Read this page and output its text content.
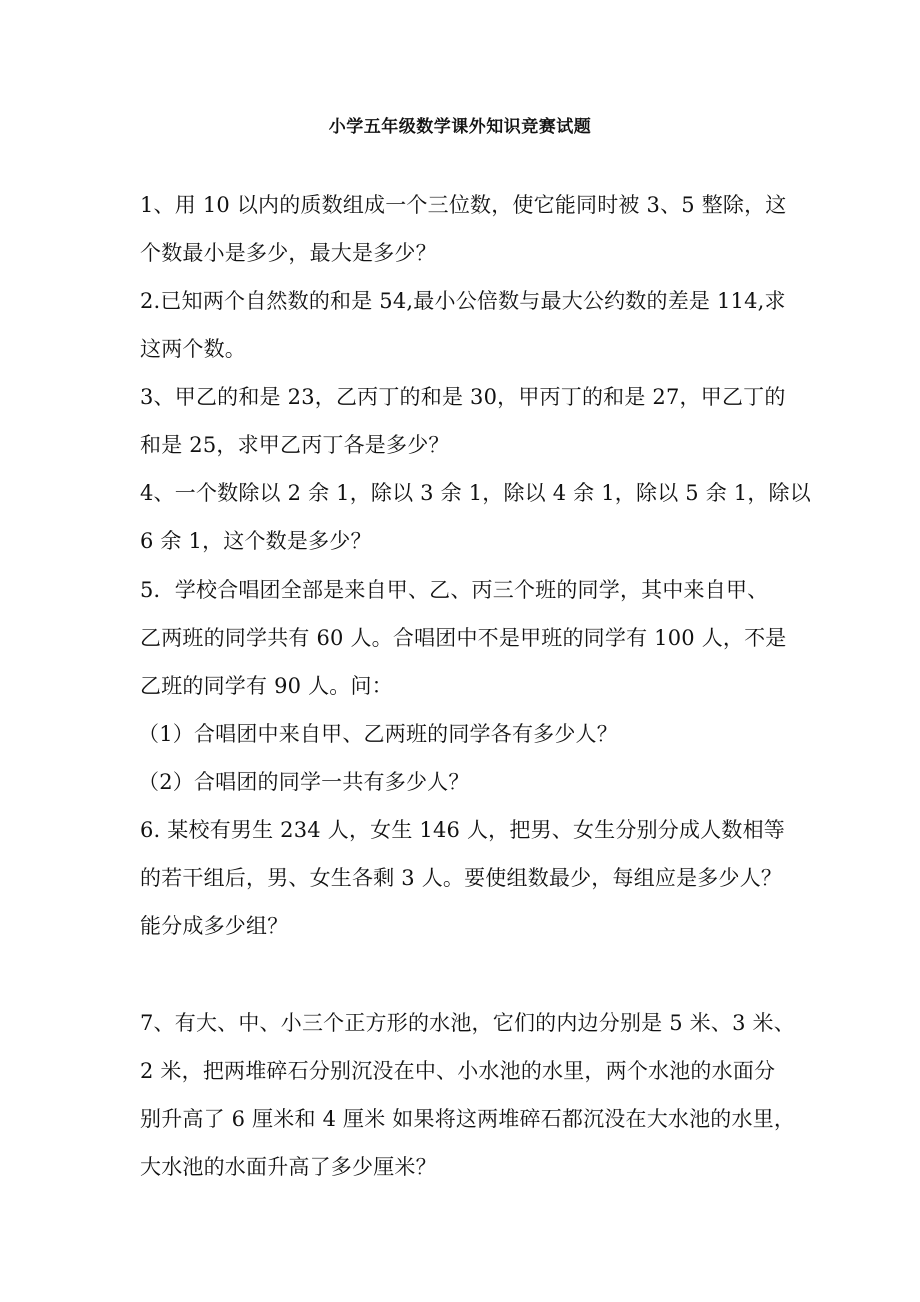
小学五年级数学课外知识竞赛试题
1、用 10 以内的质数组成一个三位数，使它能同时被 3、5 整除，这
个数最小是多少，最大是多少？
2.已知两个自然数的和是 54,最小公倍数与最大公约数的差是 114,求
这两个数。
3、甲乙的和是 23，乙丙丁的和是 30，甲丙丁的和是 27，甲乙丁的
和是 25，求甲乙丙丁各是多少？
4、一个数除以 2 余 1，除以 3 余 1，除以 4 余 1，除以 5 余 1，除以
6 余 1，这个数是多少？
5．学校合唱团全部是来自甲、乙、丙三个班的同学，其中来自甲、
乙两班的同学共有 60 人。合唱团中不是甲班的同学有 100 人，不是
乙班的同学有 90 人。问：
（1）合唱团中来自甲、乙两班的同学各有多少人？
（2）合唱团的同学一共有多少人？
6. 某校有男生 234 人，女生 146 人，把男、女生分别分成人数相等
的若干组后，男、女生各剩 3 人。要使组数最少，每组应是多少人？
能分成多少组？
7、有大、中、小三个正方形的水池，它们的内边分别是 5 米、3 米、
2 米，把两堆碎石分别沉没在中、小水池的水里，两个水池的水面分
别升高了 6 厘米和 4 厘米 如果将这两堆碎石都沉没在大水池的水里，
大水池的水面升高了多少厘米？
